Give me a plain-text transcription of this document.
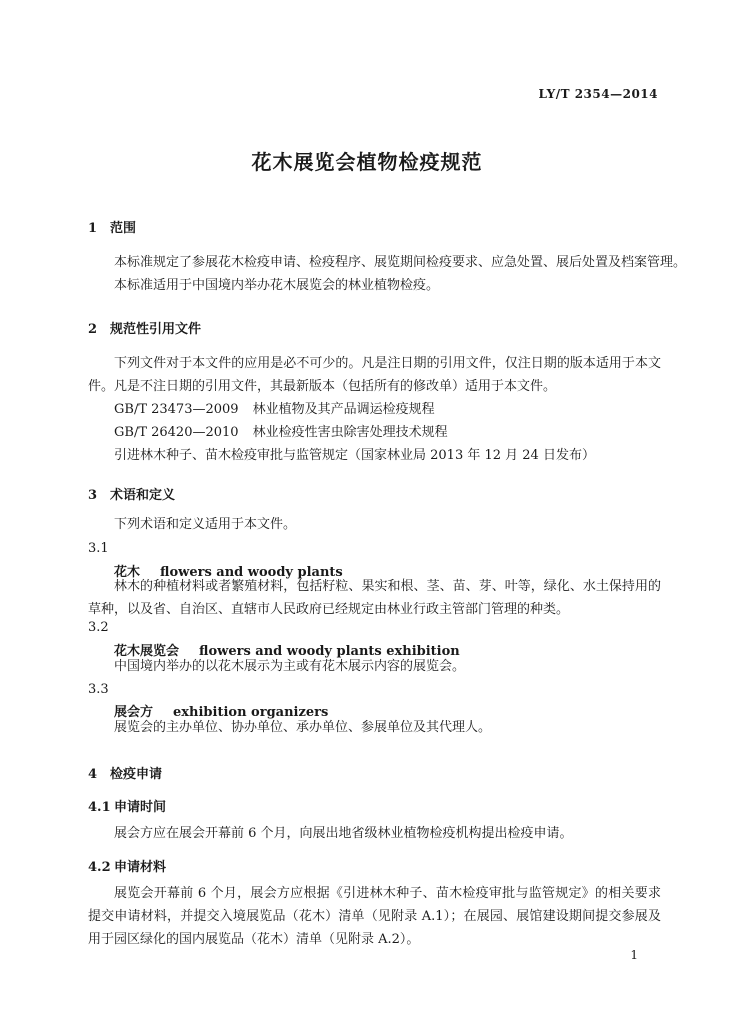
LY/T 2354—2014
花木展览会植物检疫规范
1 范围
本标准规定了参展花木检疫申请、检疫程序、展览期间检疫要求、应急处置、展后处置及档案管理。
本标准适用于中国境内举办花木展览会的林业植物检疫。
2 规范性引用文件
下列文件对于本文件的应用是必不可少的。凡是注日期的引用文件，仅注日期的版本适用于本文件。凡是不注日期的引用文件，其最新版本（包括所有的修改单）适用于本文件。
GB/T 23473—2009 林业植物及其产品调运检疫规程
GB/T 26420—2010 林业检疫性害虫除害处理技术规程
引进林木种子、苗木检疫审批与监管规定（国家林业局 2013 年 12 月 24 日发布）
3 术语和定义
下列术语和定义适用于本文件。
3.1
花木 flowers and woody plants
林木的种植材料或者繁殖材料，包括籽粒、果实和根、茎、苗、芽、叶等，绿化、水土保持用的草种，以及省、自治区、直辖市人民政府已经规定由林业行政主管部门管理的种类。
3.2
花木展览会 flowers and woody plants exhibition
中国境内举办的以花木展示为主或有花木展示内容的展览会。
3.3
展会方 exhibition organizers
展览会的主办单位、协办单位、承办单位、参展单位及其代理人。
4 检疫申请
4.1 申请时间
展会方应在展会开幕前 6 个月，向展出地省级林业植物检疫机构提出检疫申请。
4.2 申请材料
展览会开幕前 6 个月，展会方应根据《引进林木种子、苗木检疫审批与监管规定》的相关要求提交申请材料，并提交入境展览品（花木）清单（见附录 A.1）；在展园、展馆建设期间提交参展及用于园区绿化的国内展览品（花木）清单（见附录 A.2）。
1
